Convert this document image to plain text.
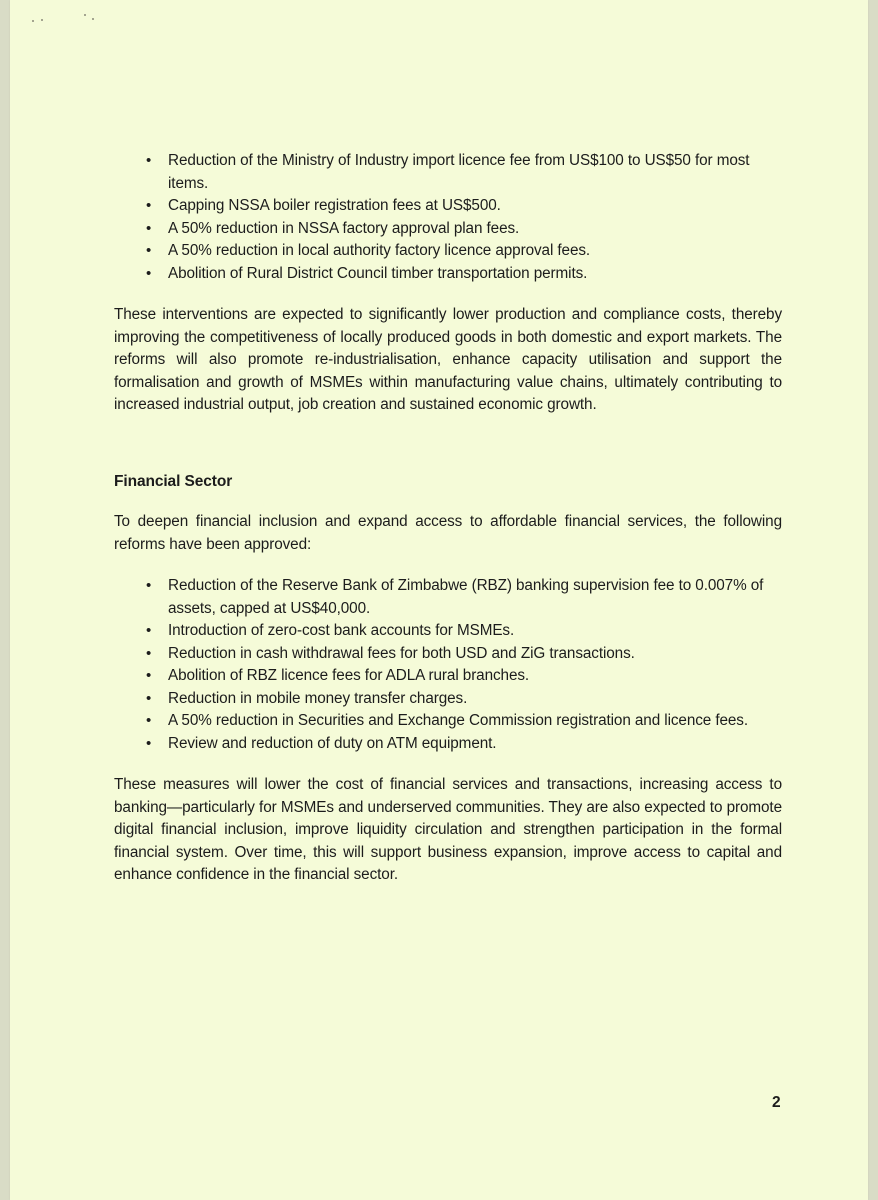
• Reduction of the Ministry of Industry import licence fee from US$100 to US$50 for most items.
• Capping NSSA boiler registration fees at US$500.
• A 50% reduction in NSSA factory approval plan fees.
• A 50% reduction in local authority factory licence approval fees.
• Abolition of Rural District Council timber transportation permits.

These interventions are expected to significantly lower production and compliance costs, thereby improving the competitiveness of locally produced goods in both domestic and export markets. The reforms will also promote re-industrialisation, enhance capacity utilisation and support the formalisation and growth of MSMEs within manufacturing value chains, ultimately contributing to increased industrial output, job creation and sustained economic growth.

Financial Sector

To deepen financial inclusion and expand access to affordable financial services, the following reforms have been approved:

• Reduction of the Reserve Bank of Zimbabwe (RBZ) banking supervision fee to 0.007% of assets, capped at US$40,000.
• Introduction of zero-cost bank accounts for MSMEs.
• Reduction in cash withdrawal fees for both USD and ZiG transactions.
• Abolition of RBZ licence fees for ADLA rural branches.
• Reduction in mobile money transfer charges.
• A 50% reduction in Securities and Exchange Commission registration and licence fees.
• Review and reduction of duty on ATM equipment.

These measures will lower the cost of financial services and transactions, increasing access to banking—particularly for MSMEs and underserved communities. They are also expected to promote digital financial inclusion, improve liquidity circulation and strengthen participation in the formal financial system. Over time, this will support business expansion, improve access to capital and enhance confidence in the financial sector.

2
